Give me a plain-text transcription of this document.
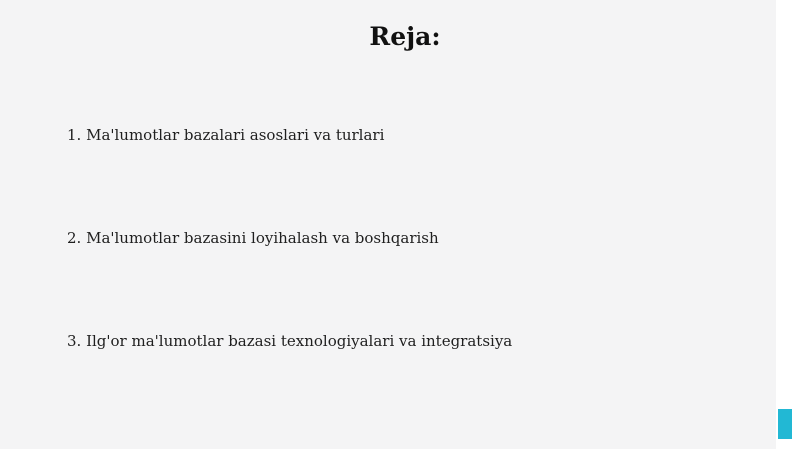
Reja:
1. Ma'lumotlar bazalari asoslari va turlari
2. Ma'lumotlar bazasini loyihalash va boshqarish
3. Ilg'or ma'lumotlar bazasi texnologiyalari va integratsiya
